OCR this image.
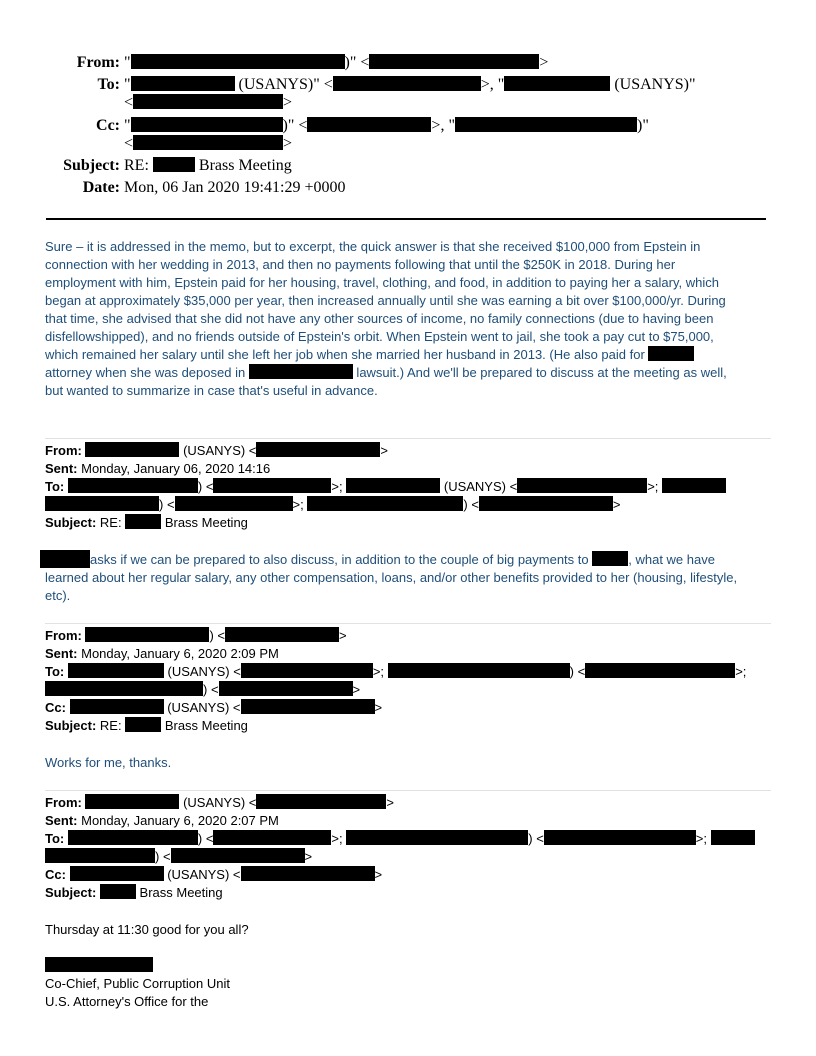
From: "	)" <	>
To: "	(USANYS)" <	>, "	(USANYS)"
<	>
Cc: "	)" <	>, "	)"
<	>
Subject: RE:	Brass Meeting
Date: Mon, 06 Jan 2020 19:41:29 +0000
Sure – it is addressed in the memo, but to excerpt, the quick answer is that she received $100,000 from Epstein in
connection with her wedding in 2013, and then no payments following that until the $250K in 2018. During her
employment with him, Epstein paid for her housing, travel, clothing, and food, in addition to paying her a salary, which
began at approximately $35,000 per year, then increased annually until she was earning a bit over $100,000/yr. During
that time, she advised that she did not have any other sources of income, no family connections (due to having been
disfellowshipped), and no friends outside of Epstein's orbit. When Epstein went to jail, she took a pay cut to $75,000,
which remained her salary until she left her job when she married her husband in 2013. (He also paid for
attorney when she was deposed in	lawsuit.) And we'll be prepared to discuss at the meeting as well,
but wanted to summarize in case that's useful in advance.
From:	(USANYS) <	>
Sent: Monday, January 06, 2020 14:16
To:	) <	>;	(USANYS) <	>;
) <	>;	) <	>
Subject: RE:	Brass Meeting
asks if we can be prepared to also discuss, in addition to the couple of big payments to	, what we have
learned about her regular salary, any other compensation, loans, and/or other benefits provided to her (housing, lifestyle,
etc).
From:	) <	>
Sent: Monday, January 6, 2020 2:09 PM
To:	(USANYS) <	>;	) <	>;
) <	>
Cc:	(USANYS) <	>
Subject: RE:	Brass Meeting
Works for me, thanks.
From:	(USANYS) <	>
Sent: Monday, January 6, 2020 2:07 PM
To:	) <	>;	) <	>;
) <	>
Cc:	(USANYS) <	>
Subject:	Brass Meeting
Thursday at 11:30 good for you all?
Co-Chief, Public Corruption Unit
U.S. Attorney's Office for the
